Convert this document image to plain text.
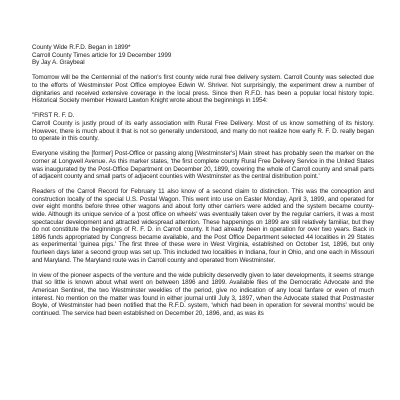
County Wide R.F.D. Began in 1899*
Carroll County Times article for 19 December 1999
By Jay A. Graybeal

Tomorrow will be the Centennial of the nation's first county wide rural free delivery system. Carroll County was selected due to the efforts of Westminster Post Office employee Edwin W. Shriver. Not surprisingly, the experiment drew a number of dignitaries and received extensive coverage in the local press. Since then R.F.D. has been a popular local history topic. Historical Society member Howard Lawton Knight wrote about the beginnings in 1954:

"FIRST R. F. D.
Carroll County is justly proud of its early association with Rural Free Delivery. Most of us know something of its history. However, there is much about it that is not so generally understood, and many do not realize how early R. F. D. really began to operate in this county.

Everyone visiting the [former] Post-Office or passing along [Westminster's] Main street has probably seen the marker on the corner at Longwell Avenue. As this marker states, 'the first complete county Rural Free Delivery Service in the United States was inaugurated by the Post-Office Department on December 20, 1899, covering the whole of Carroll county and small parts of adjacent county and small parts of adjacent counties with Westminster as the central distribution point.'

Readers of the Carroll Record for February 11 also know of a second claim to distinction. This was the conception and construction locally of the special U.S. Postal Wagon. This went into use on Easter Monday, April 3, 1899, and operated for over eight months before three other wagons and about forty other carriers were added and the system became county-wide. Although its unique service of a 'post office on wheels' was eventually taken over by the regular carriers, it was a most spectacular development and attracted widespread attention. These happenings on 1899 are still relatively familiar, but they do not constitute the beginnings of R. F. D. in Carroll county. It had already been in operation for over two years. Back in 1896 funds appropriated by Congress became available, and the Post Office Department selected 44 localities in 29 States as experimental 'guinea pigs.' The first three of these were in West Virginia, established on October 1st, 1896, but only fourteen days later a second group was set up. This included two localities in Indiana, four in Ohio, and one each in Missouri and Maryland. The Maryland route was in Carroll county and operated from Westminster.

In view of the pioneer aspects of the venture and the wide publicity deservedly given to later developments, it seems strange that so little is known about what went on between 1896 and 1899. Available files of the Democratic Advocate and the American Sentinel, the two Westminster weeklies of the period, give no indication of any local fanfare or even of much interest. No mention on the matter was found in either journal until July 3, 1897, when the Advocate stated that Postmaster Boyle, of Westminster had been notified that the R.F.D. system, 'which had been in operation for several months' would be continued. The service had been established on December 20, 1896, and, as was its
